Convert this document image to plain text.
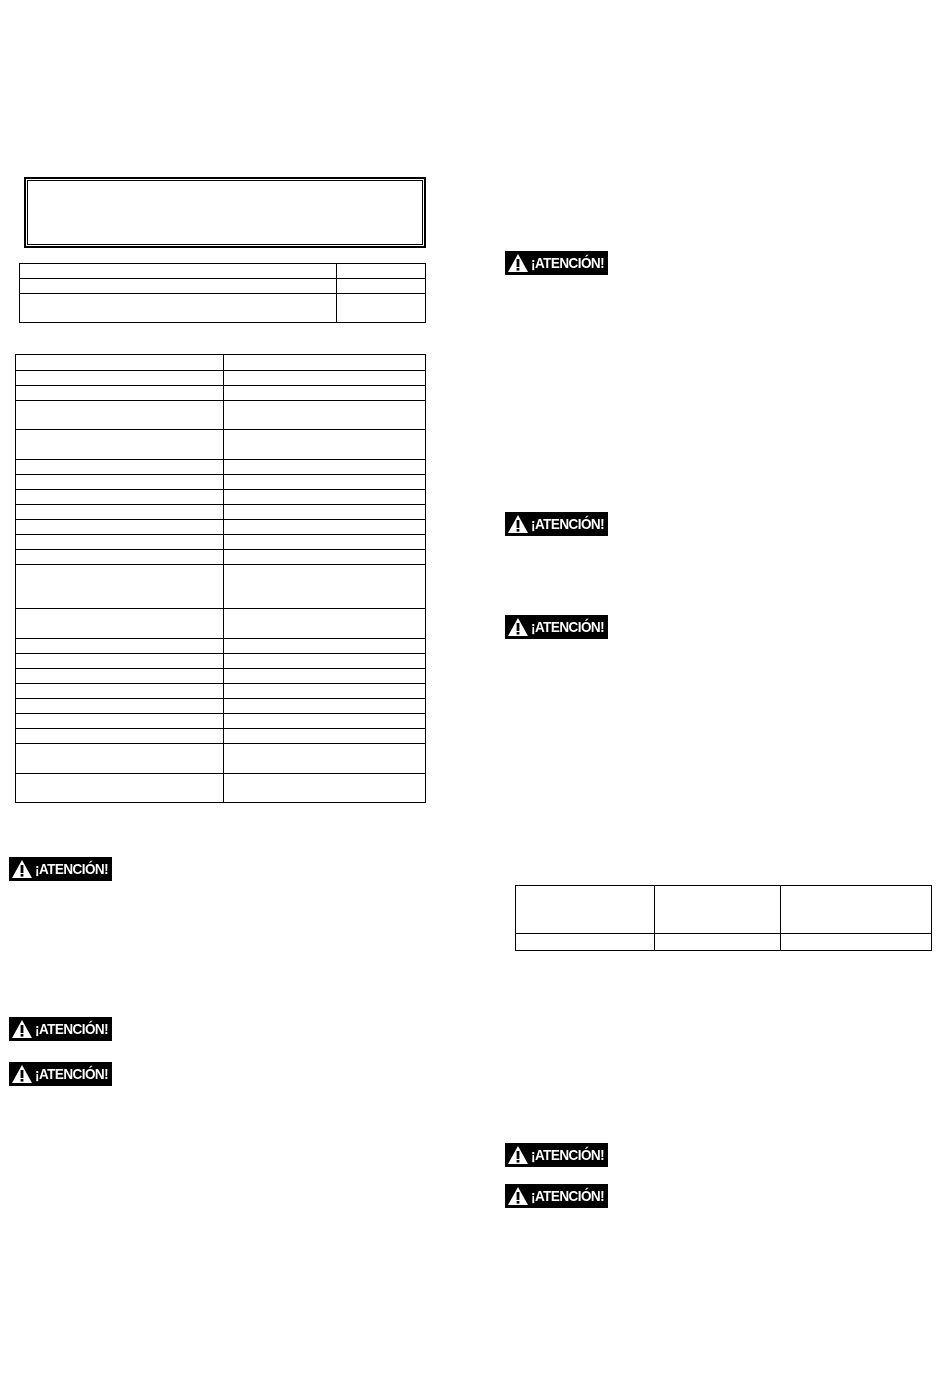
¡ATENCIÓN!
¡ATENCIÓN!
¡ATENCIÓN!
¡ATENCIÓN!
¡ATENCIÓN!
¡ATENCIÓN!
¡ATENCIÓN!
¡ATENCIÓN!
